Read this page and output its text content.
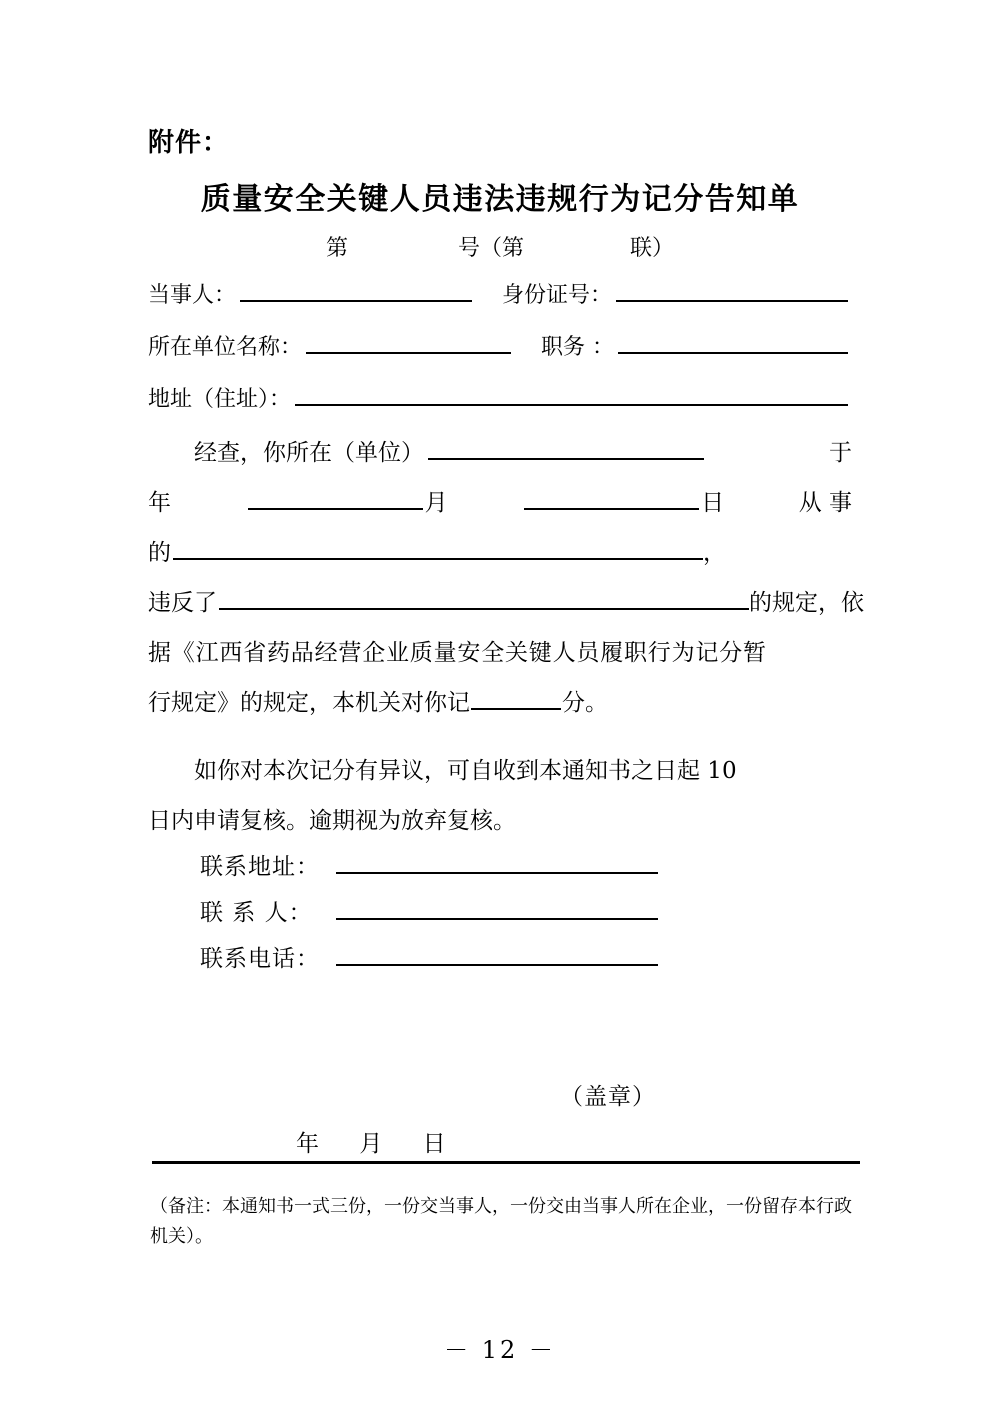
附件：
质量安全关键人员违法违规行为记分告知单
第	号（第	联）
当事人：	身份证号：
所在单位名称：	职务 ：
地址（住址）：
经查，你所在（单位）	于
年	月	日	从 事
的	，
违反了	的规定，依
据《江西省药品经营企业质量安全关键人员履职行为记分暂
行规定》的规定，本机关对你记	分。
如你对本次记分有异议，可自收到本通知书之日起 10
日内申请复核。逾期视为放弃复核。
联系地址：
联 系 人：
联系电话：
（盖章）
年 月 日
（备注：本通知书一式三份，一份交当事人，一份交由当事人所在企业，一份留存本行政机关）。
－ 12 －
